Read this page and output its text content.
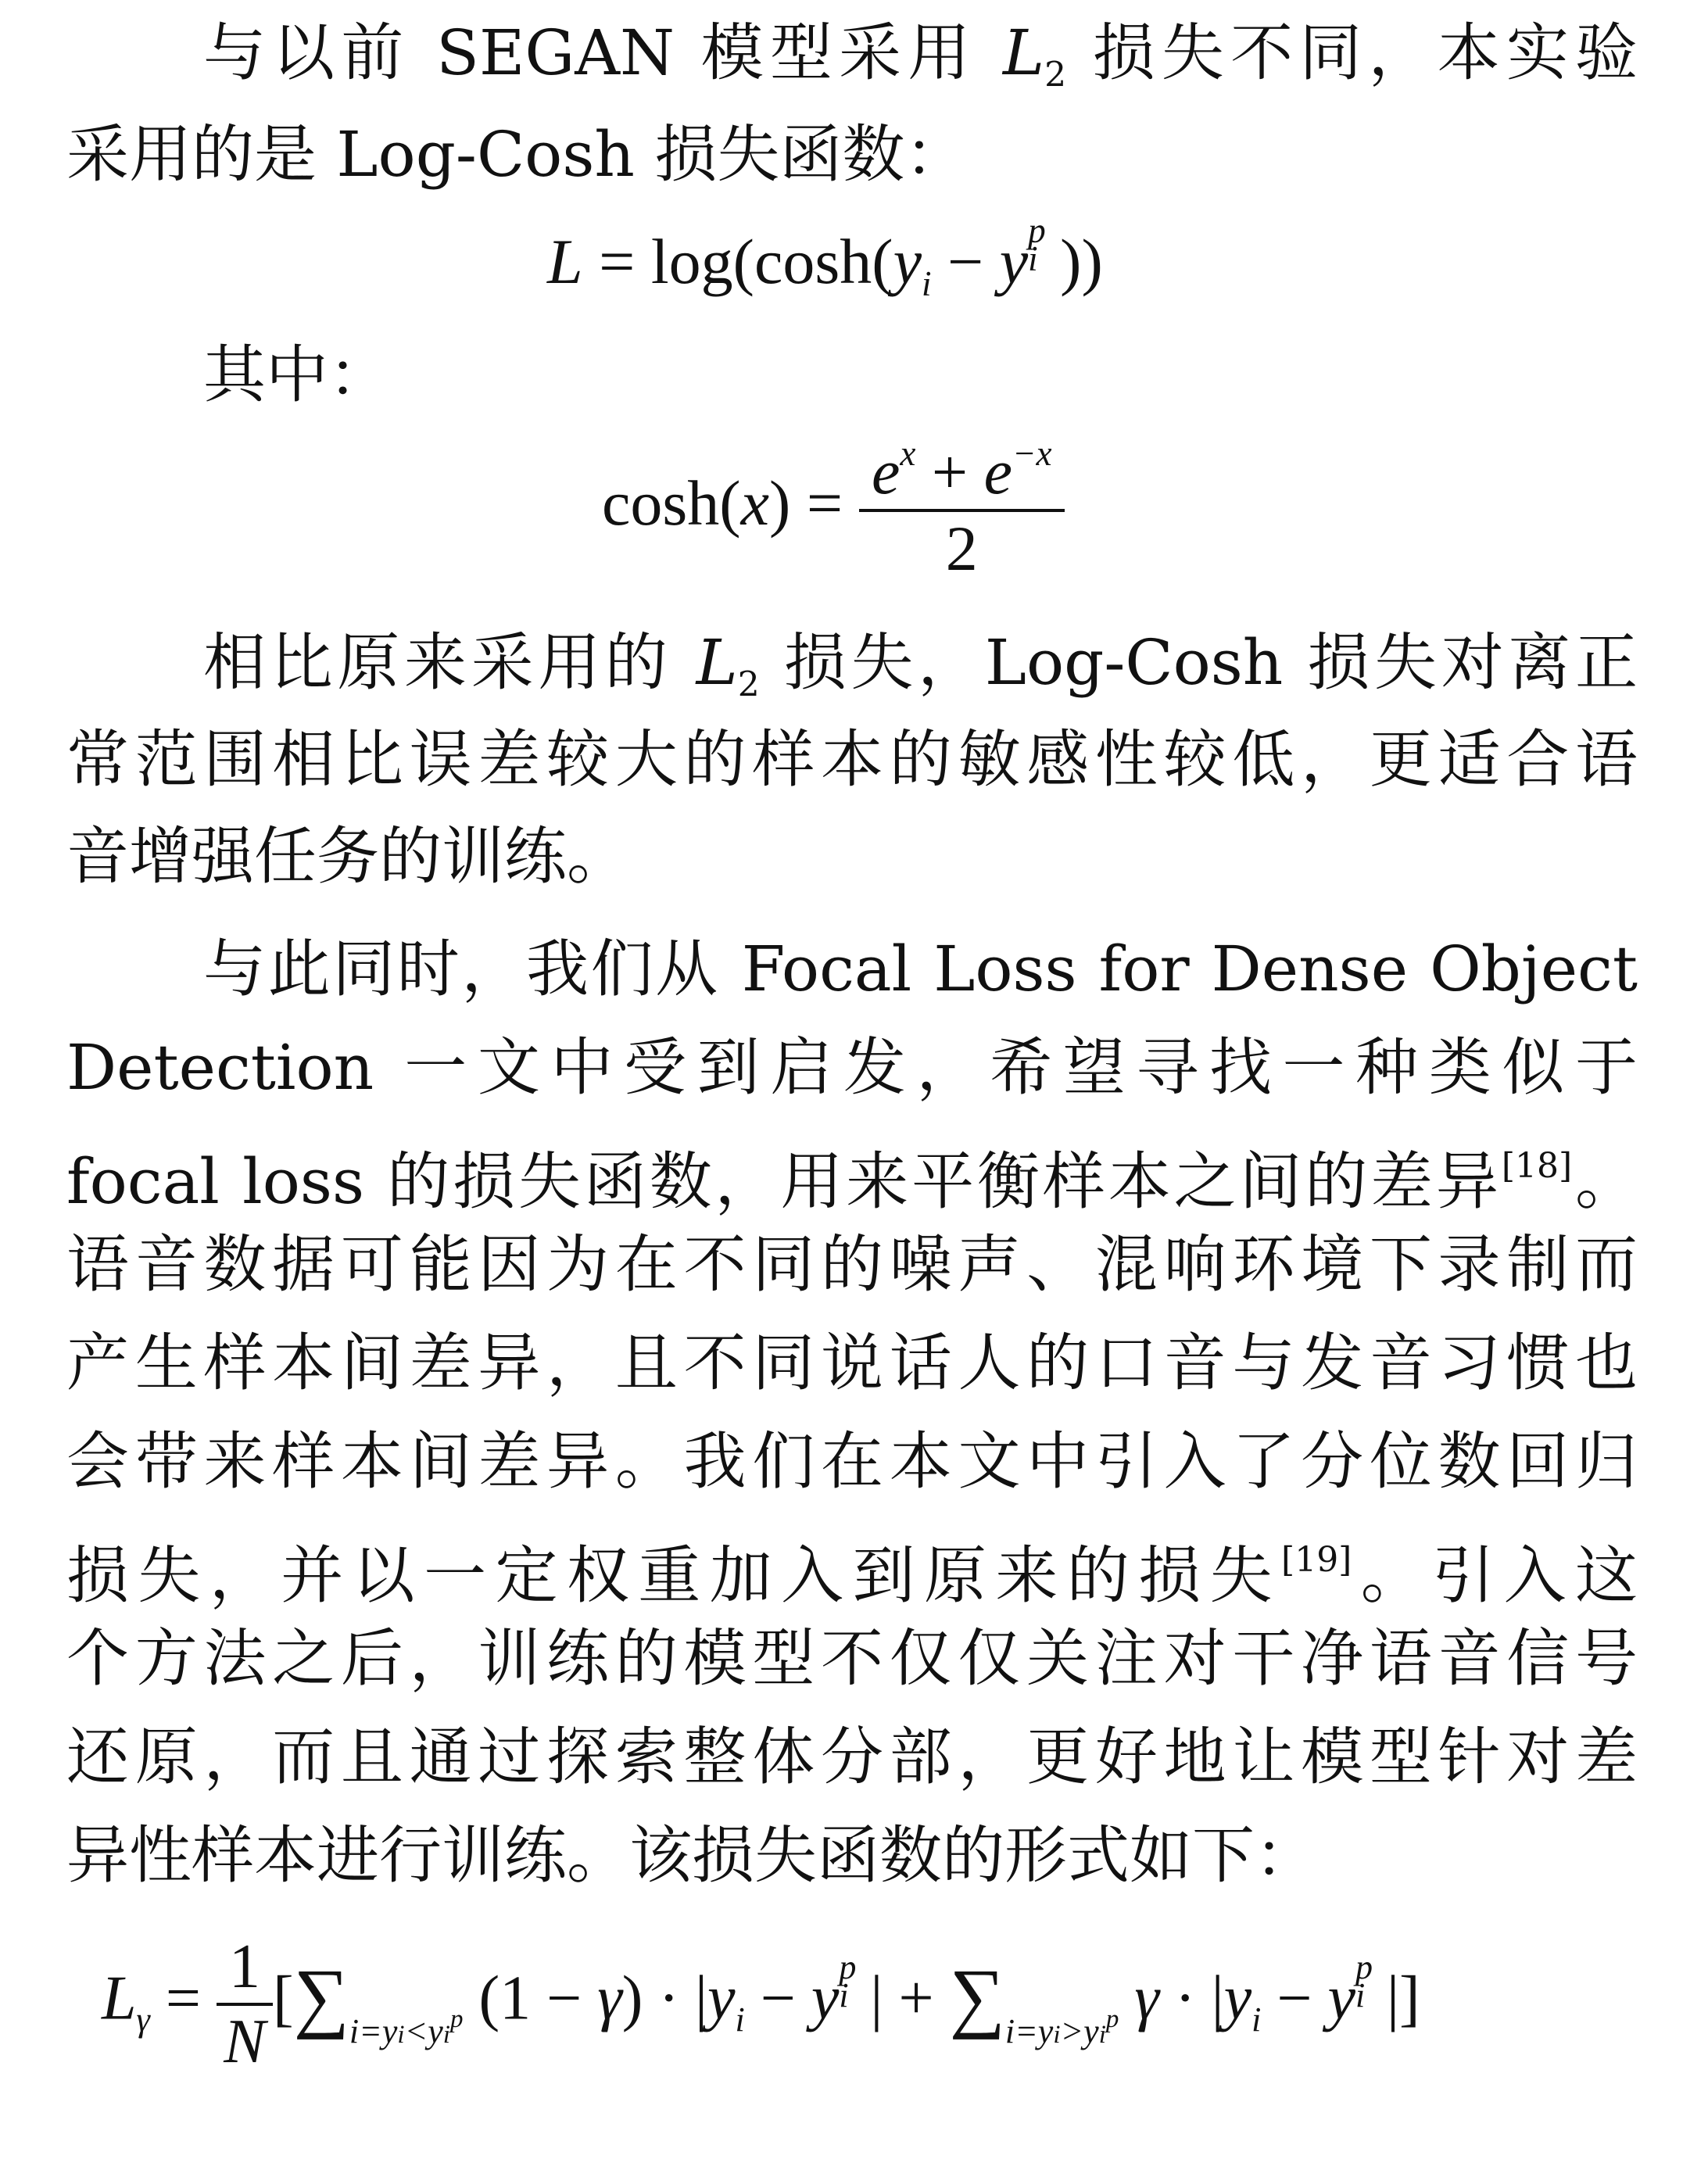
与以前 SEGAN 模型采用 $L_2$ 损失不同，本实验
采用的是 Log-Cosh 损失函数：
$L = \log(\cosh(y_i - y$ p
i ))
其中：
$\cosh(x) = \frac{e^x + e^{-x}}{2}$
相比原来采用的 $L_2$ 损失，Log-Cosh 损失对离正
常范围相比误差较大的样本的敏感性较低，更适合语
音增强任务的训练。
与此同时，我们从 Focal Loss for Dense Object
Detection 一文中受到启发，希望寻找一种类似于
focal loss 的损失函数，用来平衡样本之间的差异[18]。
语音数据可能因为在不同的噪声、混响环境下录制而
产生样本间差异，且不同说话人的口音与发音习惯也
会带来样本间差异。我们在本文中引入了分位数回归
损失，并以一定权重加入到原来的损失[19]。引入这
个方法之后，训练的模型不仅仅关注对干净语音信号
还原，而且通过探索整体分部，更好地让模型针对差
异性样本进行训练。该损失函数的形式如下：
$L_\gamma = \frac{1}{N} [\sum_{i=yi<yi^p}$ $(1 - \gamma) \cdot |y_i - y$ p
i | + $\sum_{i=yi>yi^p}$ $\gamma \cdot |y_i - y$ p
i |]
